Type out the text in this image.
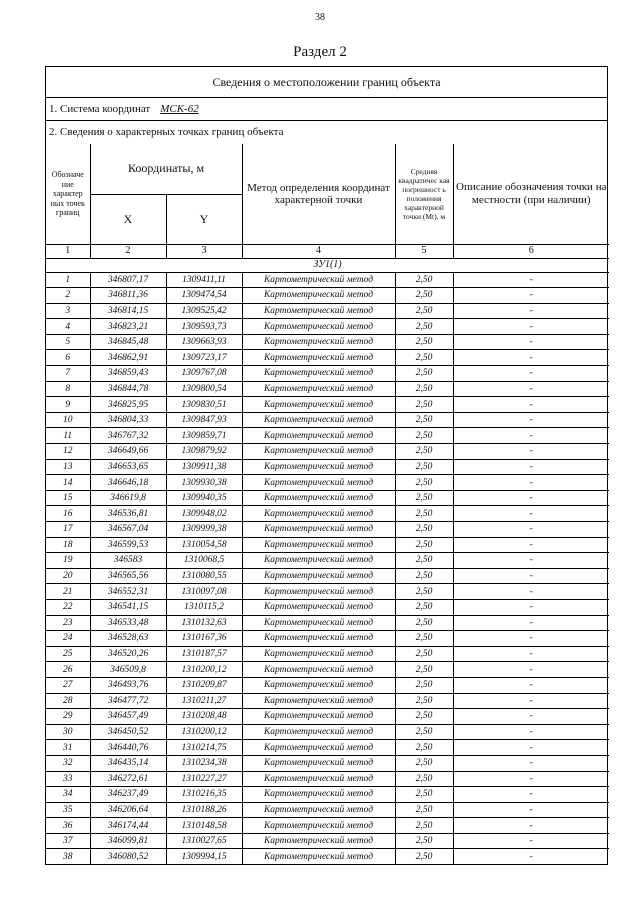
38
Раздел 2
Сведения о местоположении границ объекта
1. Система координат МСК-62
2. Сведения о характерных точках границ объекта
Обозначе ние характер ных точек границ	Координаты, м		Метод определения координат характерной точки	Средняя квадратичес кая погрешност ь положения характерной точки (Mt), м	Описание обозначения точки на местности (при наличии)
	X	Y			
1	2	3	4	5	6
ЗУ1(1)					
1	346807,17	1309411,11	Картометрический метод	2,50	-
2	346811,36	1309474,54	Картометрический метод	2,50	-
3	346814,15	1309525,42	Картометрический метод	2,50	-
4	346823,21	1309593,73	Картометрический метод	2,50	-
5	346845,48	1309663,93	Картометрический метод	2,50	-
6	346862,91	1309723,17	Картометрический метод	2,50	-
7	346859,43	1309767,08	Картометрический метод	2,50	-
8	346844,78	1309800,54	Картометрический метод	2,50	-
9	346825,95	1309830,51	Картометрический метод	2,50	-
10	346804,33	1309847,93	Картометрический метод	2,50	-
11	346767,32	1309859,71	Картометрический метод	2,50	-
12	346649,66	1309879,92	Картометрический метод	2,50	-
13	346653,65	1309911,38	Картометрический метод	2,50	-
14	346646,18	1309930,38	Картометрический метод	2,50	-
15	346619,8	1309940,35	Картометрический метод	2,50	-
16	346536,81	1309948,02	Картометрический метод	2,50	-
17	346567,04	1309999,38	Картометрический метод	2,50	-
18	346599,53	1310054,58	Картометрический метод	2,50	-
19	346583	1310068,5	Картометрический метод	2,50	-
20	346565,56	1310080,55	Картометрический метод	2,50	-
21	346552,31	1310097,08	Картометрический метод	2,50	-
22	346541,15	1310115,2	Картометрический метод	2,50	-
23	346533,48	1310132,63	Картометрический метод	2,50	-
24	346528,63	1310167,36	Картометрический метод	2,50	-
25	346520,26	1310187,57	Картометрический метод	2,50	-
26	346509,8	1310200,12	Картометрический метод	2,50	-
27	346493,76	1310209,87	Картометрический метод	2,50	-
28	346477,72	1310211,27	Картометрический метод	2,50	-
29	346457,49	1310208,48	Картометрический метод	2,50	-
30	346450,52	1310200,12	Картометрический метод	2,50	-
31	346440,76	1310214,75	Картометрический метод	2,50	-
32	346435,14	1310234,38	Картометрический метод	2,50	-
33	346272,61	1310227,27	Картометрический метод	2,50	-
34	346237,49	1310216,35	Картометрический метод	2,50	-
35	346206,64	1310188,26	Картометрический метод	2,50	-
36	346174,44	1310148,58	Картометрический метод	2,50	-
37	346099,81	1310027,65	Картометрический метод	2,50	-
38	346080,52	1309994,15	Картометрический метод	2,50	-
